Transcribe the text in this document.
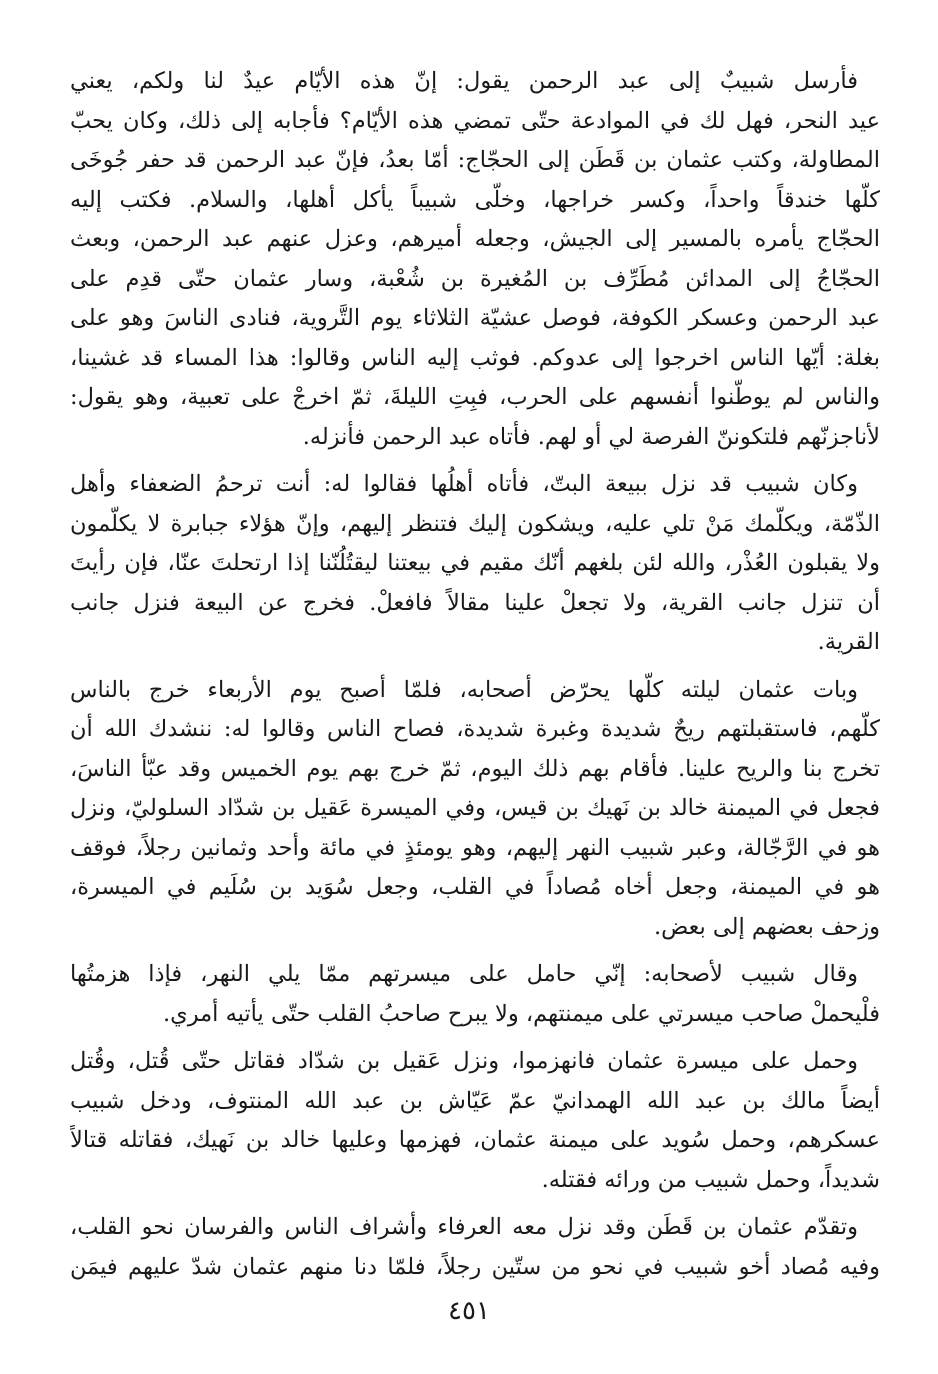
فأرسل شبيبٌ إلى عبد الرحمن يقول: إنّ هذه الأيّام عيدٌ لنا ولكم، يعني
عيد النحر، فهل لك في الموادعة حتّى تمضي هذه الأيّام؟ فأجابه إلى ذلك، وكان يحبّ
المطاولة، وكتب عثمان بن قَطَن إلى الحجّاج: أمّا بعدُ، فإنّ عبد الرحمن قد حفر جُوخَى
كلّها خندقاً واحداً، وكسر خراجها، وخلّى شبيباً يأكل أهلها، والسلام. فكتب إليه
الحجّاج يأمره بالمسير إلى الجيش، وجعله أميرهم، وعزل عنهم عبد الرحمن، وبعث
الحجّاجُ إلى المدائن مُطَرِّف بن المُغيرة بن شُعْبة، وسار عثمان حتّى قدِم على
عبد الرحمن وعسكر الكوفة، فوصل عشيّة الثلاثاء يوم التَّروية، فنادى الناسَ وهو على
بغلة: أيّها الناس اخرجوا إلى عدوكم. فوثب إليه الناس وقالوا: هذا المساء قد غشينا،
والناس لم يوطّنوا أنفسهم على الحرب، فبِتِ الليلةَ، ثمّ اخرجْ على تعبية، وهو يقول:
لأناجزنّهم فلتكوننّ الفرصة لي أو لهم. فأتاه عبد الرحمن فأنزله.
وكان شبيب قد نزل ببيعة البتّ، فأتاه أهلُها فقالوا له: أنت ترحمُ الضعفاء وأهل
الذّمّة، ويكلّمك مَنْ تلي عليه، ويشكون إليك فتنظر إليهم، وإنّ هؤلاء جبابرة لا يكلّمون
ولا يقبلون العُذْر، والله لئن بلغهم أنّك مقيم في بيعتنا ليقتُلُنّنا إذا ارتحلتَ عنّا، فإن رأيتَ
أن تنزل جانب القرية، ولا تجعلْ علينا مقالاً فافعلْ. فخرج عن البيعة فنزل جانب
القرية.
وبات عثمان ليلته كلّها يحرّض أصحابه، فلمّا أصبح يوم الأربعاء خرج بالناس
كلّهم، فاستقبلتهم ريحٌ شديدة وغبرة شديدة، فصاح الناس وقالوا له: ننشدك الله أن
تخرج بنا والريح علينا. فأقام بهم ذلك اليوم، ثمّ خرج بهم يوم الخميس وقد عبّأ الناسَ،
فجعل في الميمنة خالد بن نَهيك بن قيس، وفي الميسرة عَقيل بن شدّاد السلوليّ، ونزل
هو في الرَّجّالة، وعبر شبيب النهر إليهم، وهو يومئذٍ في مائة وأحد وثمانين رجلاً، فوقف
هو في الميمنة، وجعل أخاه مُصاداً في القلب، وجعل سُوَيد بن سُلَيم في الميسرة،
وزحف بعضهم إلى بعض.
وقال شبيب لأصحابه: إنّي حامل على ميسرتهم ممّا يلي النهر، فإذا هزمتُها
فلْيحملْ صاحب ميسرتي على ميمنتهم، ولا يبرح صاحبُ القلب حتّى يأتيه أمري.
وحمل على ميسرة عثمان فانهزموا، ونزل عَقيل بن شدّاد فقاتل حتّى قُتل، وقُتل
أيضاً مالك بن عبد الله الهمدانيّ عمّ عَيّاش بن عبد الله المنتوف، ودخل شبيب
عسكرهم، وحمل سُويد على ميمنة عثمان، فهزمها وعليها خالد بن نَهيك، فقاتله قتالاً
شديداً، وحمل شبيب من ورائه فقتله.
وتقدّم عثمان بن قَطَن وقد نزل معه العرفاء وأشراف الناس والفرسان نحو القلب،
وفيه مُصاد أخو شبيب في نحو من ستّين رجلاً، فلمّا دنا منهم عثمان شدّ عليهم فيمَن
٤٥١
